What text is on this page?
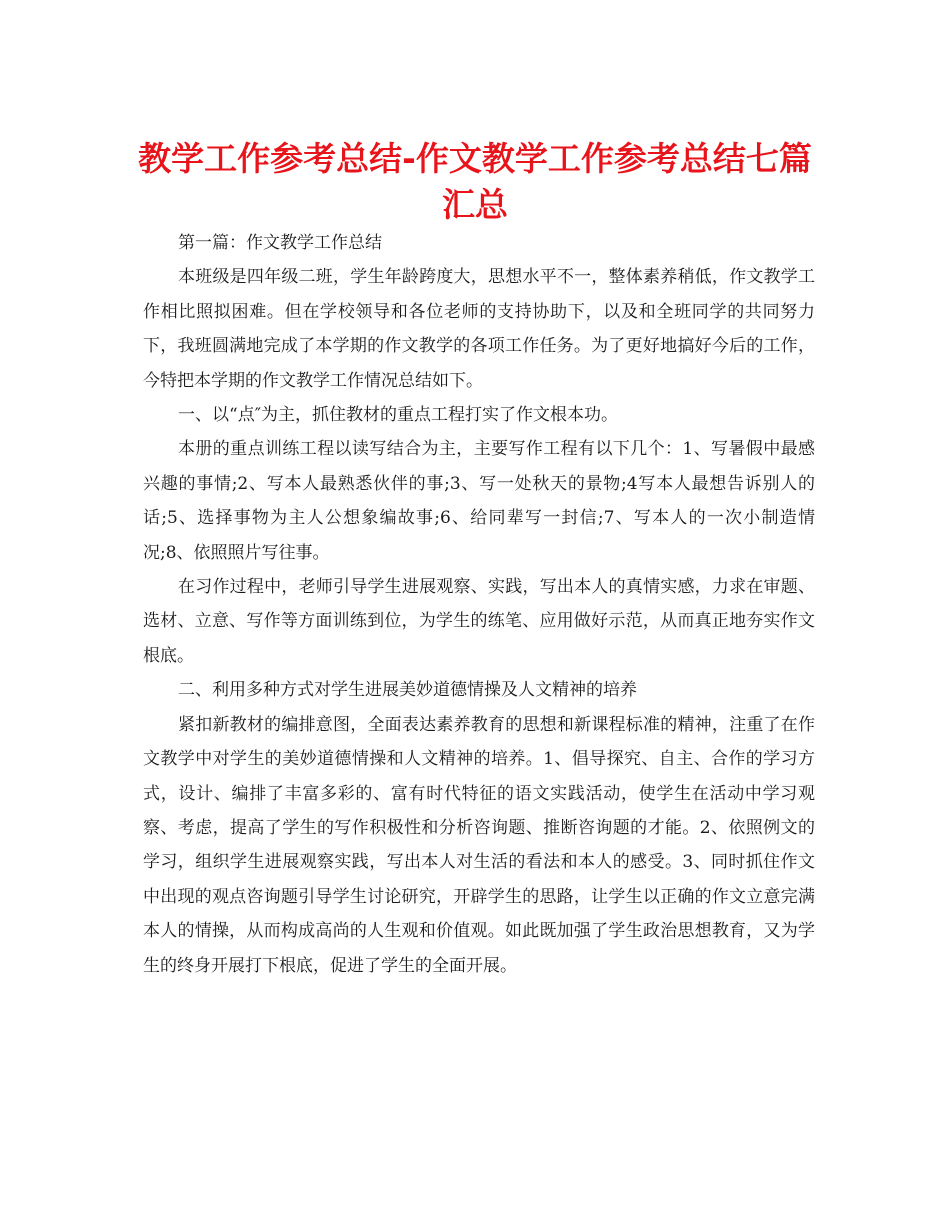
教学工作参考总结-作文教学工作参考总结七篇汇总

第一篇：作文教学工作总结

本班级是四年级二班，学生年龄跨度大，思想水平不一，整体素养稍低，作文教学工作相比照拟困难。但在学校领导和各位老师的支持协助下，以及和全班同学的共同努力下，我班圆满地完成了本学期的作文教学的各项工作任务。为了更好地搞好今后的工作，今特把本学期的作文教学工作情况总结如下。

一、以“点″为主，抓住教材的重点工程打实了作文根本功。

本册的重点训练工程以读写结合为主，主要写作工程有以下几个：1、写暑假中最感兴趣的事情;2、写本人最熟悉伙伴的事;3、写一处秋天的景物;4写本人最想告诉别人的话;5、选择事物为主人公想象编故事;6、给同辈写一封信;7、写本人的一次小制造情况;8、依照照片写往事。

在习作过程中，老师引导学生进展观察、实践，写出本人的真情实感，力求在审题、选材、立意、写作等方面训练到位，为学生的练笔、应用做好示范，从而真正地夯实作文根底。

二、利用多种方式对学生进展美妙道德情操及人文精神的培养

紧扣新教材的编排意图，全面表达素养教育的思想和新课程标准的精神，注重了在作文教学中对学生的美妙道德情操和人文精神的培养。1、倡导探究、自主、合作的学习方式，设计、编排了丰富多彩的、富有时代特征的语文实践活动，使学生在活动中学习观察、考虑，提高了学生的写作积极性和分析咨询题、推断咨询题的才能。2、依照例文的学习，组织学生进展观察实践，写出本人对生活的看法和本人的感受。3、同时抓住作文中出现的观点咨询题引导学生讨论研究，开辟学生的思路，让学生以正确的作文立意完满本人的情操，从而构成高尚的人生观和价值观。如此既加强了学生政治思想教育，又为学生的终身开展打下根底，促进了学生的全面开展。
